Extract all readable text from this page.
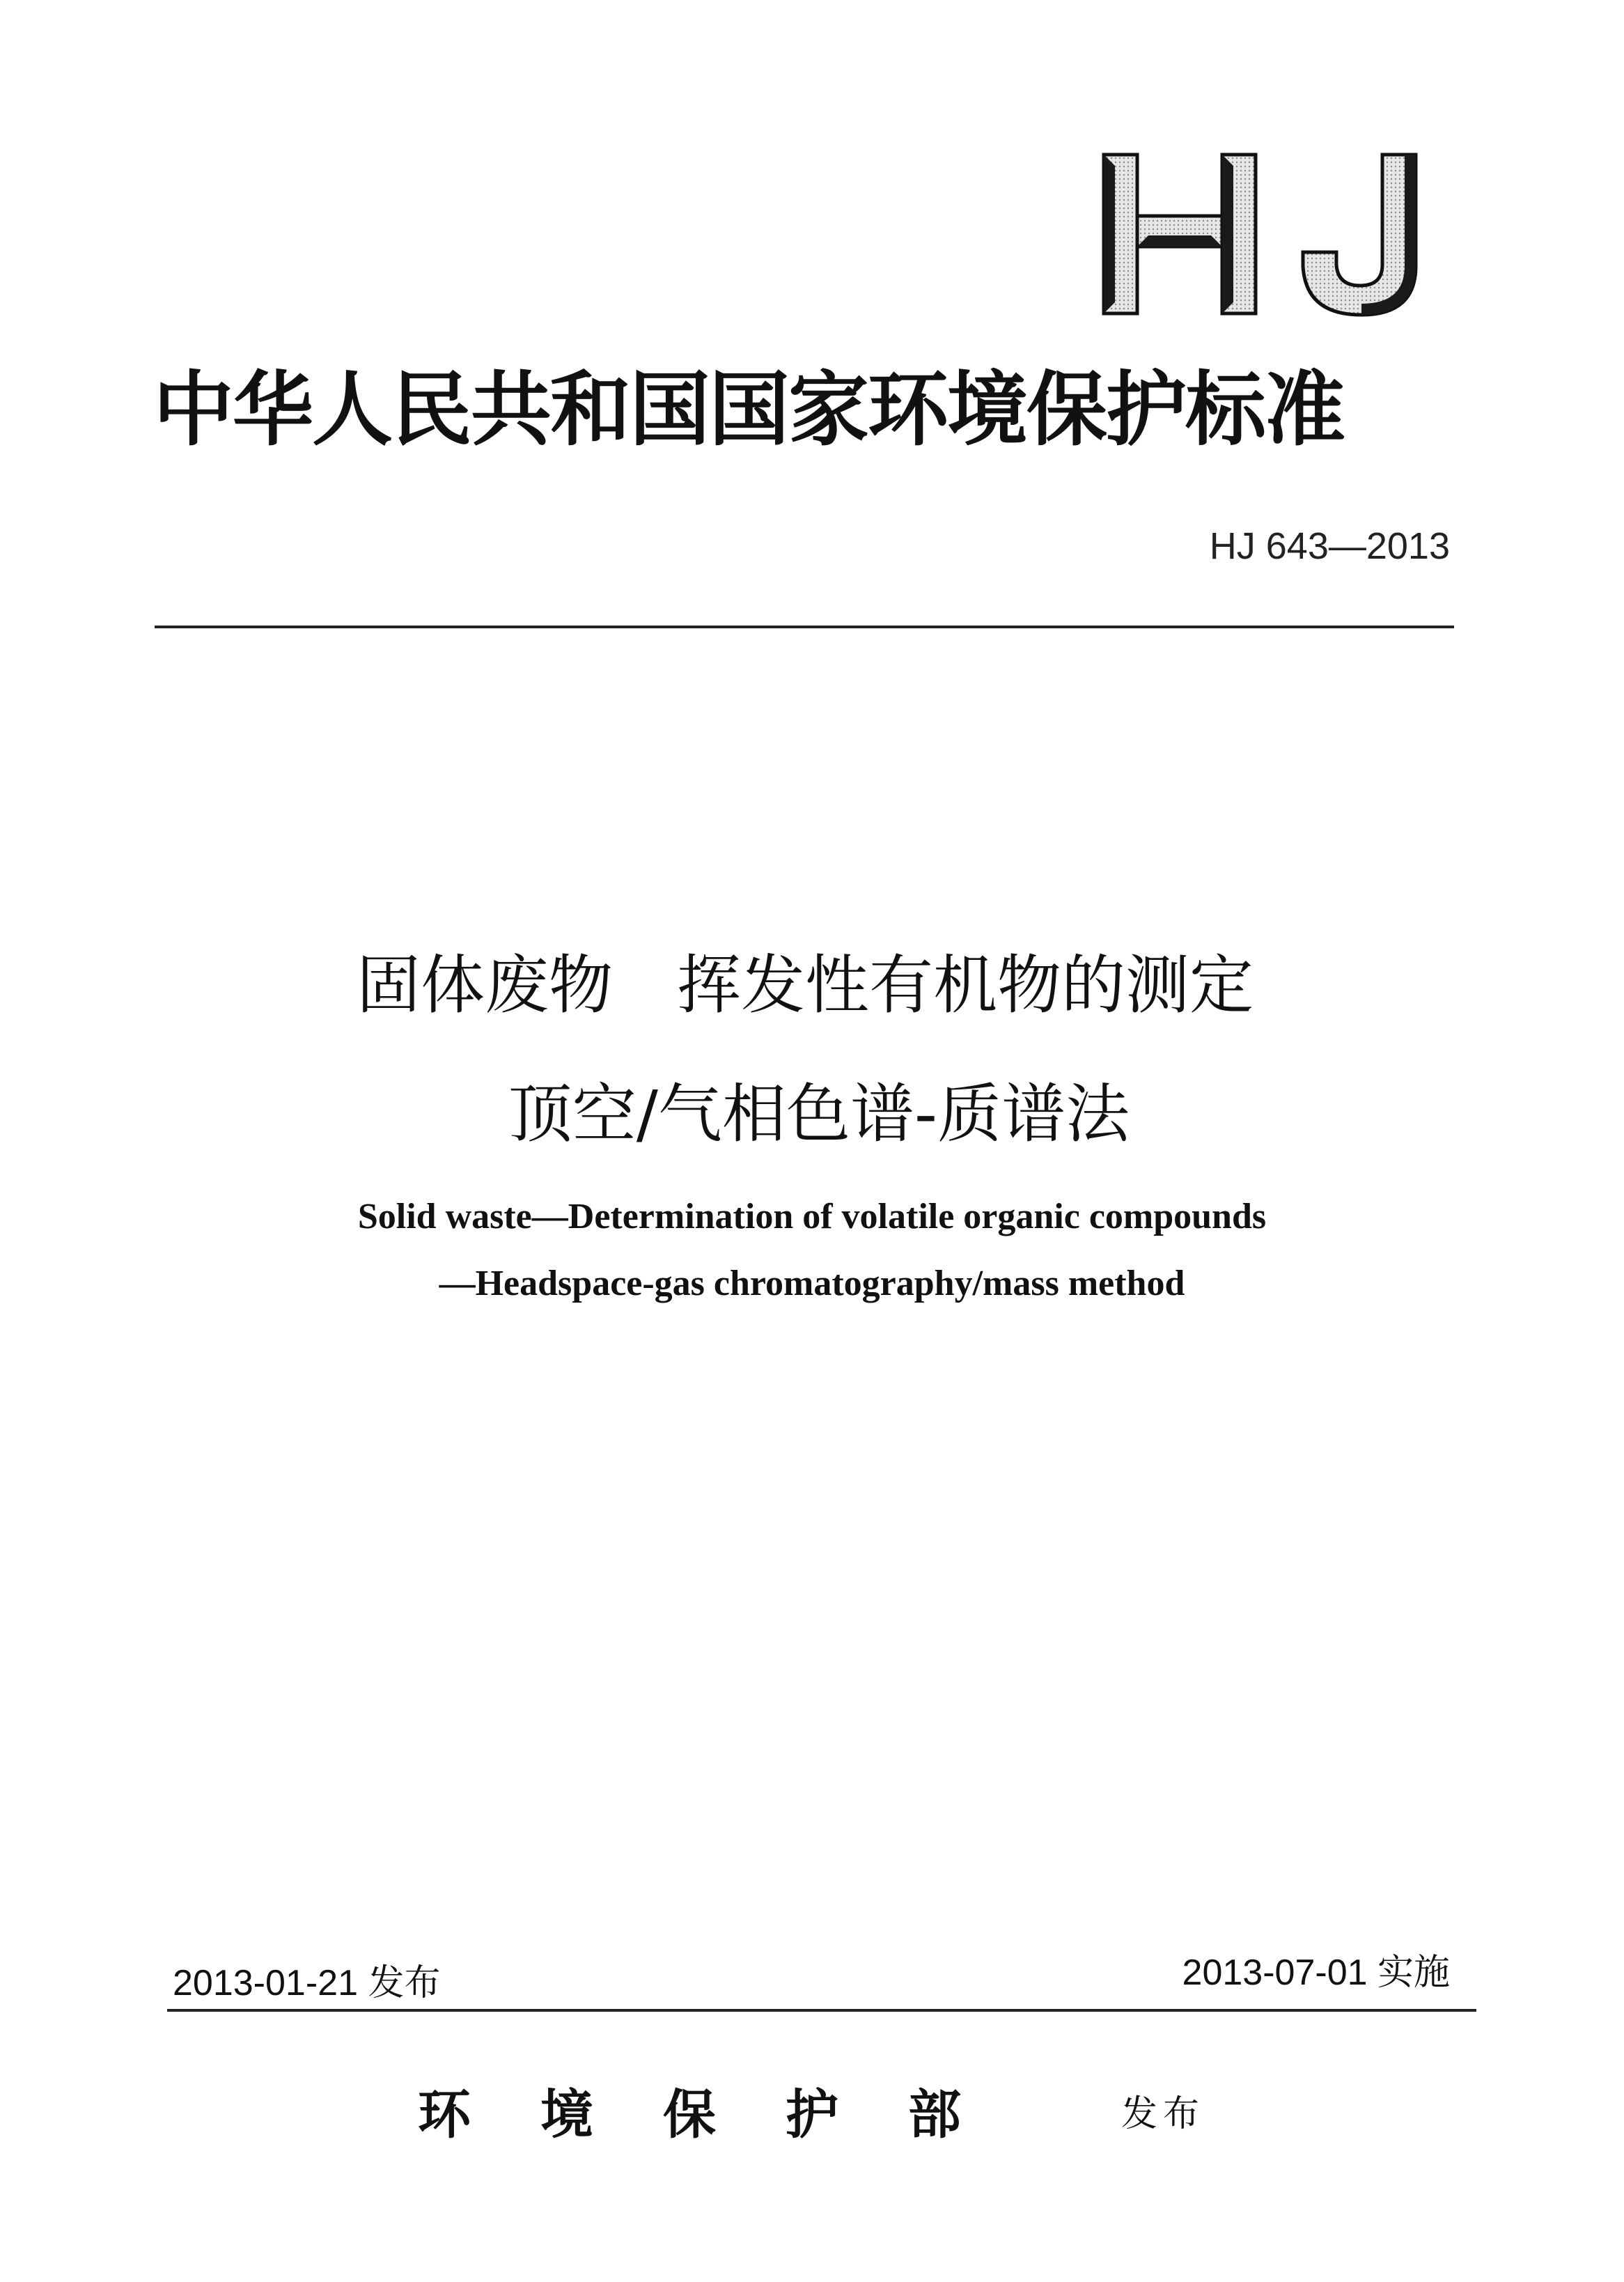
中华人民共和国国家环境保护标准
HJ 643—2013
固体废物　挥发性有机物的测定
顶空/气相色谱-质谱法
Solid waste—Determination of volatile organic compounds
—Headspace-gas chromatography/mass method
2013-01-21 发布	2013-07-01 实施
环境保护部	发布
